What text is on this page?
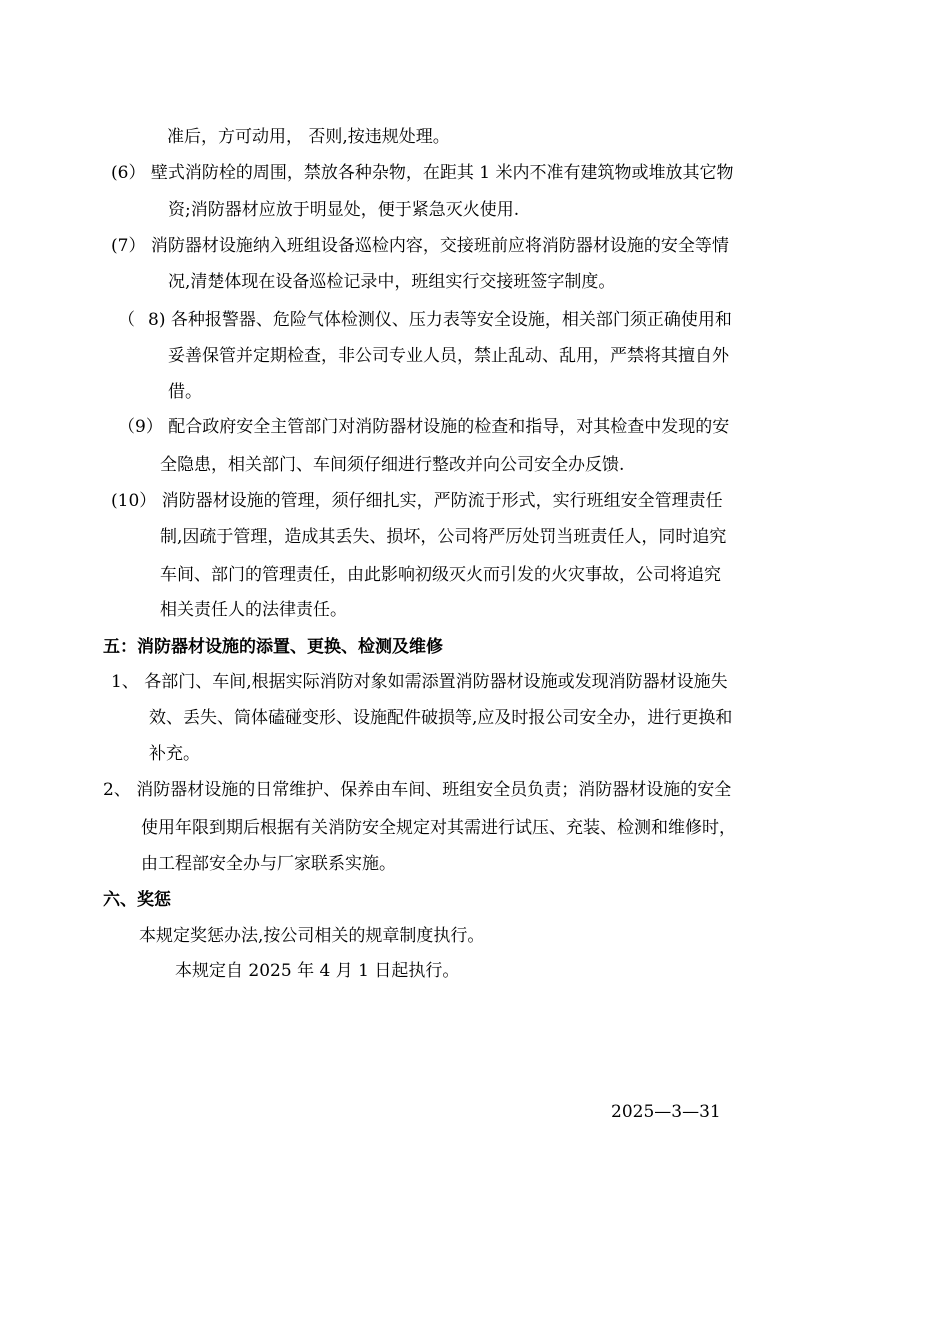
准后，方可动用， 否则,按违规处理。
(6） 壁式消防栓的周围，禁放各种杂物，在距其 1 米内不准有建筑物或堆放其它物
资;消防器材应放于明显处，便于紧急灭火使用.
(7） 消防器材设施纳入班组设备巡检内容，交接班前应将消防器材设施的安全等情
况,清楚体现在设备巡检记录中，班组实行交接班签字制度。
（ 8) 各种报警器、危险气体检测仪、压力表等安全设施，相关部门须正确使用和
妥善保管并定期检查，非公司专业人员，禁止乱动、乱用，严禁将其擅自外
借。
（9） 配合政府安全主管部门对消防器材设施的检查和指导，对其检查中发现的安
全隐患，相关部门、车间须仔细进行整改并向公司安全办反馈.
(10） 消防器材设施的管理，须仔细扎实，严防流于形式，实行班组安全管理责任
制,因疏于管理，造成其丢失、损坏，公司将严厉处罚当班责任人，同时追究
车间、部门的管理责任，由此影响初级灭火而引发的火灾事故，公司将追究
相关责任人的法律责任。
五：消防器材设施的添置、更换、检测及维修
1、 各部门、车间,根据实际消防对象如需添置消防器材设施或发现消防器材设施失
效、丢失、筒体磕碰变形、设施配件破损等,应及时报公司安全办，进行更换和
补充。
2、 消防器材设施的日常维护、保养由车间、班组安全员负责；消防器材设施的安全
使用年限到期后根据有关消防安全规定对其需进行试压、充装、检测和维修时，
由工程部安全办与厂家联系实施。
六、奖惩
本规定奖惩办法,按公司相关的规章制度执行。
本规定自 2025 年 4 月 1 日起执行。
2025—3—31
